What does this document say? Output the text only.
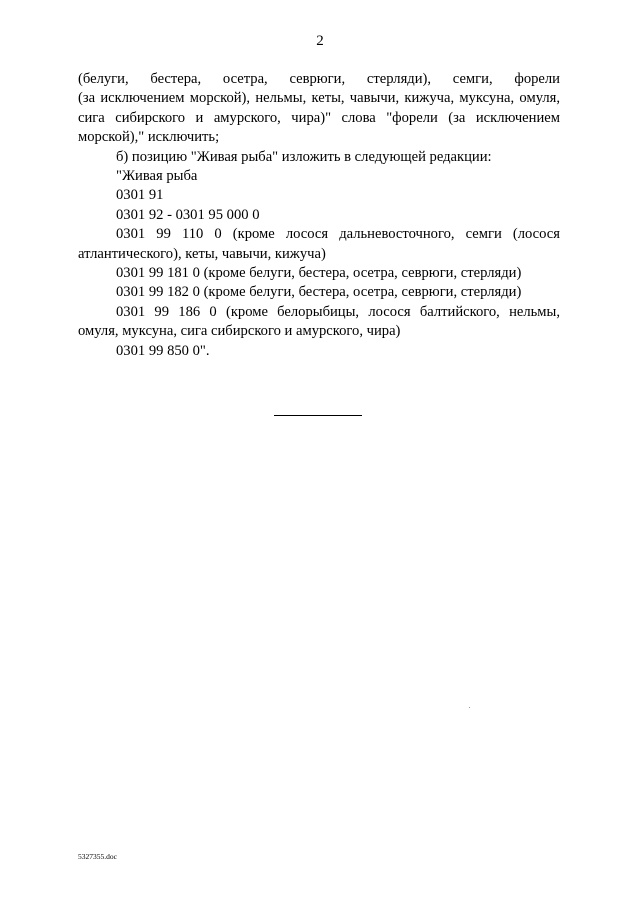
2

(белуги, бестера, осетра, севрюги, стерляди), семги, форели

(за исключением морской), нельмы, кеты, чавычи, кижуча, муксуна, омуля,

сига сибирского и амурского, чира)" слова "форели (за исключением

морской)," исключить;

б) позицию "Живая рыба" изложить в следующей редакции:

"Живая рыба

0301 91

0301 92 - 0301 95 000 0

0301 99 110 0 (кроме лосося дальневосточного, семги (лосося

атлантического), кеты, чавычи, кижуча)

0301 99 181 0 (кроме белуги, бестера, осетра, севрюги, стерляди)

0301 99 182 0 (кроме белуги, бестера, осетра, севрюги, стерляди)

0301 99 186 0 (кроме белорыбицы, лосося балтийского, нельмы,

омуля, муксуна, сига сибирского и амурского, чира)

0301 99 850 0".

5327355.doc
